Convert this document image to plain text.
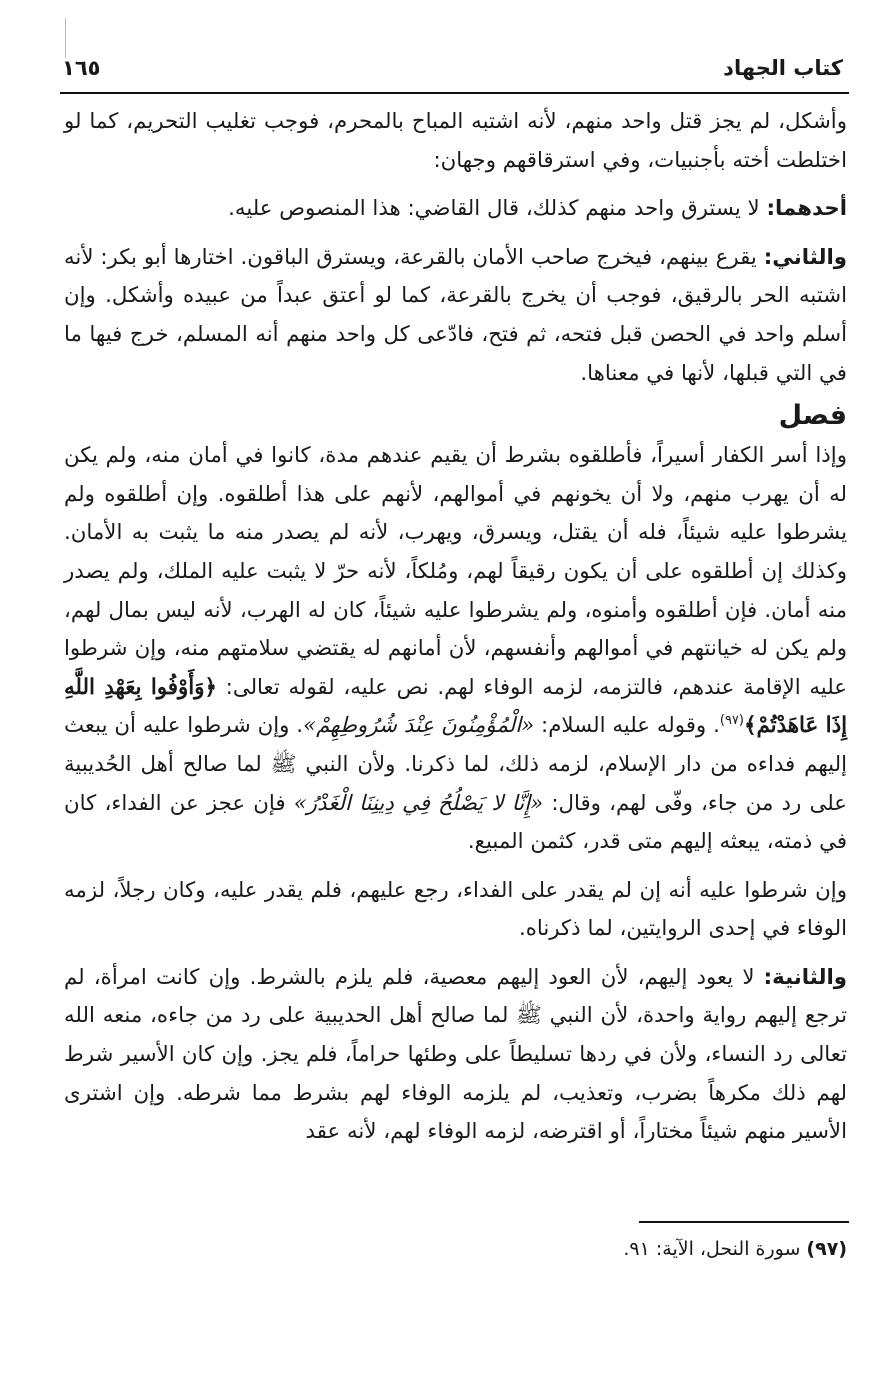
كتاب الجهاد
١٦٥

وأشكل، لم يجز قتل واحد منهم، لأنه اشتبه المباح بالمحرم، فوجب تغليب التحريم، كما لو اختلطت أخته بأجنبيات، وفي استرقاقهم وجهان:

أحدهما: لا يسترق واحد منهم كذلك، قال القاضي: هذا المنصوص عليه.

والثاني: يقرع بينهم، فيخرج صاحب الأمان بالقرعة، ويسترق الباقون. اختارها أبو بكر: لأنه اشتبه الحر بالرقيق، فوجب أن يخرج بالقرعة، كما لو أعتق عبداً من عبيده وأشكل. وإن أسلم واحد في الحصن قبل فتحه، ثم فتح، فادّعى كل واحد منهم أنه المسلم، خرج فيها ما في التي قبلها، لأنها في معناها.

فصل

وإذا أسر الكفار أسيراً، فأطلقوه بشرط أن يقيم عندهم مدة، كانوا في أمان منه، ولم يكن له أن يهرب منهم، ولا أن يخونهم في أموالهم، لأنهم على هذا أطلقوه. وإن أطلقوه ولم يشرطوا عليه شيئاً، فله أن يقتل، ويسرق، ويهرب، لأنه لم يصدر منه ما يثبت به الأمان. وكذلك إن أطلقوه على أن يكون رقيقاً لهم، ومُلكاً، لأنه حرّ لا يثبت عليه الملك، ولم يصدر منه أمان. فإن أطلقوه وأمنوه، ولم يشرطوا عليه شيئاً، كان له الهرب، لأنه ليس بمال لهم، ولم يكن له خيانتهم في أموالهم وأنفسهم، لأن أمانهم له يقتضي سلامتهم منه، وإن شرطوا عليه الإقامة عندهم، فالتزمه، لزمه الوفاء لهم. نص عليه، لقوله تعالى: ﴿وَأَوْفُوا بِعَهْدِ اللَّهِ إِذَا عَاهَدْتُمْ﴾$^{(٩٧)}$. وقوله عليه السلام: «الْمُؤْمِنُونَ عِنْدَ شُرُوطِهِمْ». وإن شرطوا عليه أن يبعث إليهم فداءه من دار الإسلام، لزمه ذلك، لما ذكرنا. ولأن النبي ﷺ لما صالح أهل الحُديبية على رد من جاء، وفّى لهم، وقال: «إِنَّا لا يَصْلُحُ فِي دِينِنَا الْغَدْرُ» فإن عجز عن الفداء، كان في ذمته، يبعثه إليهم متى قدر، كثمن المبيع.

وإن شرطوا عليه أنه إن لم يقدر على الفداء، رجع عليهم، فلم يقدر عليه، وكان رجلاً، لزمه الوفاء في إحدى الروايتين، لما ذكرناه.

والثانية: لا يعود إليهم، لأن العود إليهم معصية، فلم يلزم بالشرط. وإن كانت امرأة، لم ترجع إليهم رواية واحدة، لأن النبي ﷺ لما صالح أهل الحديبية على رد من جاءه، منعه الله تعالى رد النساء، ولأن في ردها تسليطاً على وطئها حراماً، فلم يجز. وإن كان الأسير شرط لهم ذلك مكرهاً بضرب، وتعذيب، لم يلزمه الوفاء لهم بشرط مما شرطه. وإن اشترى الأسير منهم شيئاً مختاراً، أو اقترضه، لزمه الوفاء لهم، لأنه عقد

(٩٧) سورة النحل، الآية: ٩١.
